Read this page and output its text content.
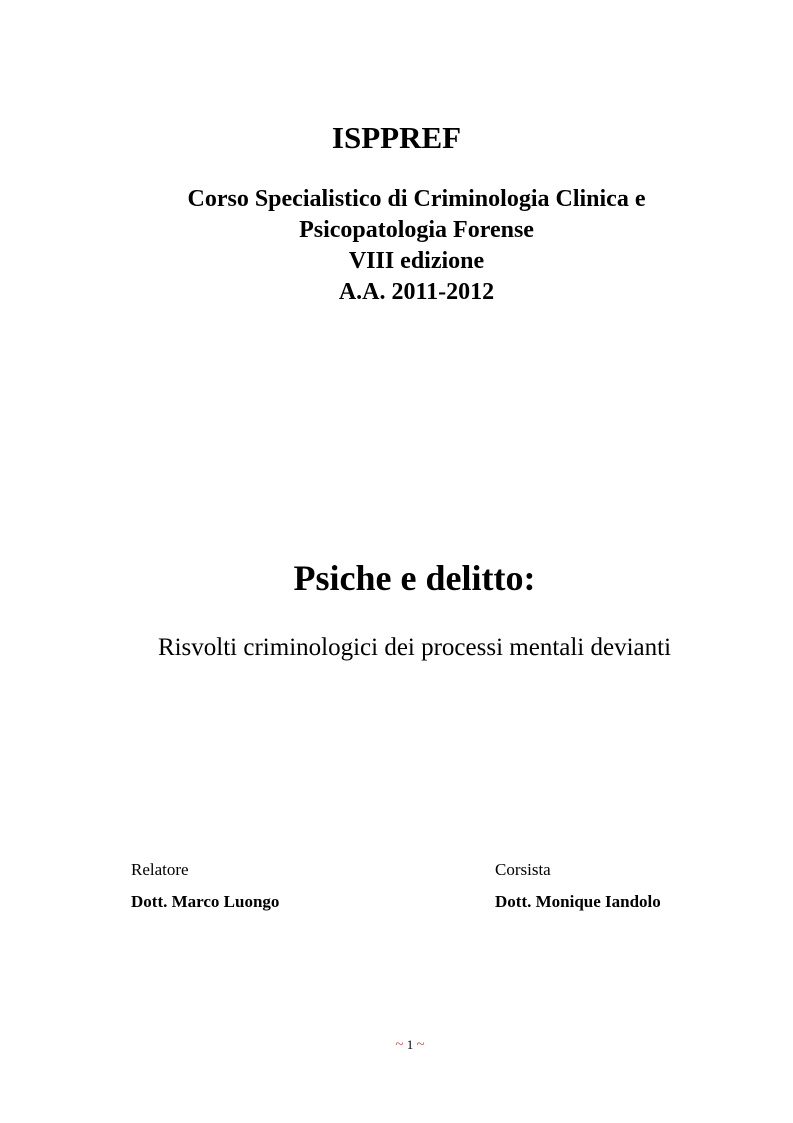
ISPPREF
Corso Specialistico di Criminologia Clinica e
Psicopatologia Forense
VIII edizione
A.A. 2011-2012
Psiche e delitto:
Risvolti criminologici dei processi mentali devianti
Relatore
Dott. Marco Luongo
Corsista
Dott. Monique Iandolo
~ 1 ~
